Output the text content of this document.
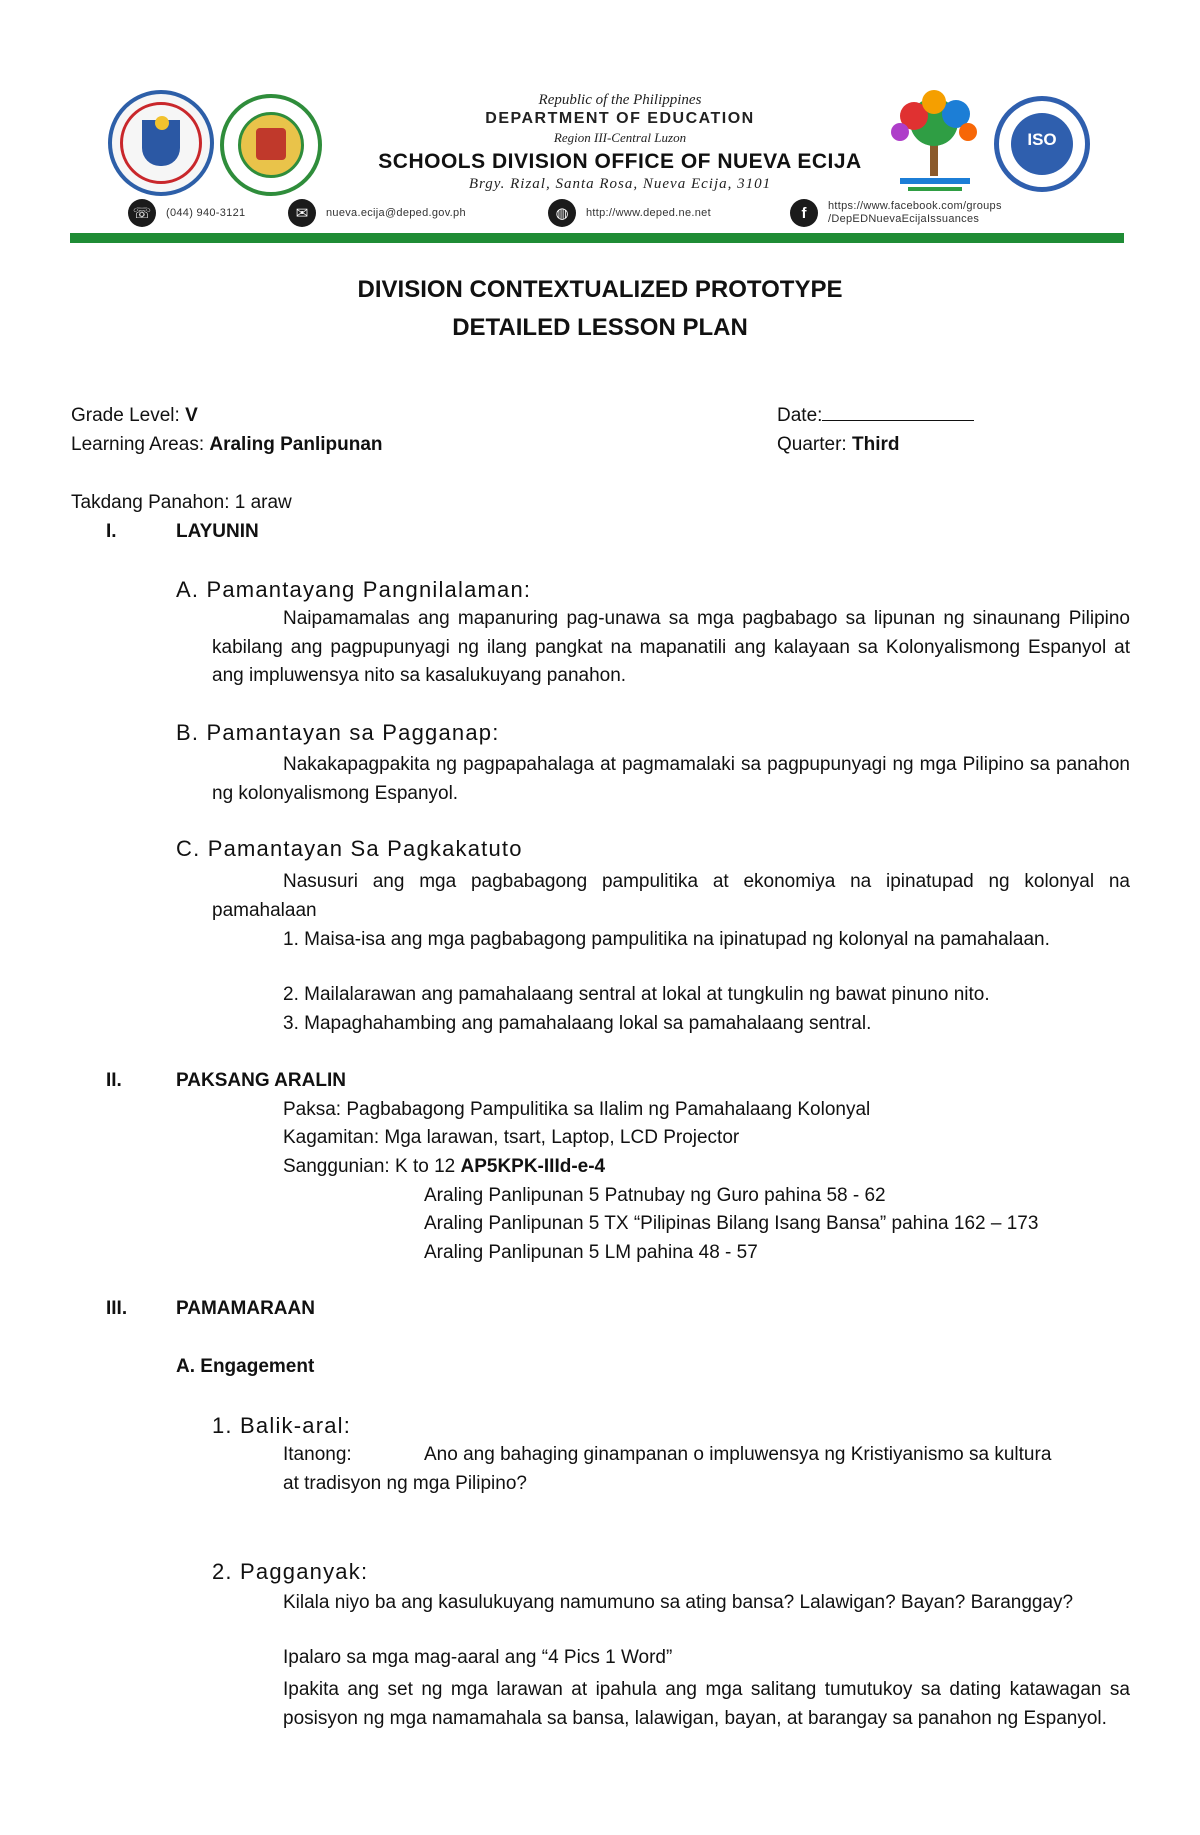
Republic of the Philippines
DEPARTMENT OF EDUCATION
Region III-Central Luzon
SCHOOLS DIVISION OFFICE OF NUEVA ECIJA
Brgy. Rizal, Santa Rosa, Nueva Ecija, 3101
ISO
☏	(044) 940-3121	✉	nueva.ecija@deped.gov.ph	◍	http://www.deped.ne.net	f	https://www.facebook.com/groups
/DepEDNuevaEcijaIssuances
DIVISION CONTEXTUALIZED PROTOTYPE
DETAILED LESSON PLAN
Grade Level: V	Date:
Learning Areas: Araling Panlipunan	Quarter: Third
Takdang Panahon: 1 araw
I.	LAYUNIN
A. Pamantayang Pangnilalaman:
Naipamamalas ang mapanuring pag-unawa sa mga pagbabago sa lipunan ng sinaunang Pilipino kabilang ang pagpupunyagi ng ilang pangkat na mapanatili ang kalayaan sa Kolonyalismong Espanyol at ang impluwensya nito sa kasalukuyang panahon.
B. Pamantayan sa Pagganap:
Nakakapagpakita ng pagpapahalaga at pagmamalaki sa pagpupunyagi ng mga Pilipino sa panahon ng kolonyalismong Espanyol.
C. Pamantayan Sa Pagkakatuto
Nasusuri ang mga pagbabagong pampulitika at ekonomiya na ipinatupad ng kolonyal na pamahalaan
1. Maisa-isa ang mga pagbabagong pampulitika na ipinatupad ng kolonyal na pamahalaan.
2. Mailalarawan ang pamahalaang sentral at lokal at tungkulin ng bawat pinuno nito.
3. Mapaghahambing ang pamahalaang lokal sa pamahalaang sentral.
II.	PAKSANG ARALIN
Paksa: Pagbabagong Pampulitika sa Ilalim ng Pamahalaang Kolonyal
Kagamitan: Mga larawan, tsart, Laptop, LCD Projector
Sanggunian: K to 12 AP5KPK-IIId-e-4
Araling Panlipunan 5 Patnubay ng Guro pahina 58 - 62
Araling Panlipunan 5 TX “Pilipinas Bilang Isang Bansa” pahina 162 – 173
Araling Panlipunan 5 LM pahina 48 - 57
III.	PAMAMARAAN
A. Engagement
1. Balik-aral:
Itanong:	Ano ang bahaging ginampanan o impluwensya ng Kristiyanismo sa kultura
at tradisyon ng mga Pilipino?
2. Pagganyak:
Kilala niyo ba ang kasulukuyang namumuno sa ating bansa? Lalawigan? Bayan? Baranggay?
Ipalaro sa mga mag-aaral ang “4 Pics 1 Word”
Ipakita ang set ng mga larawan at ipahula ang mga salitang tumutukoy sa dating katawagan sa posisyon ng mga namamahala sa bansa, lalawigan, bayan, at barangay sa panahon ng Espanyol.
